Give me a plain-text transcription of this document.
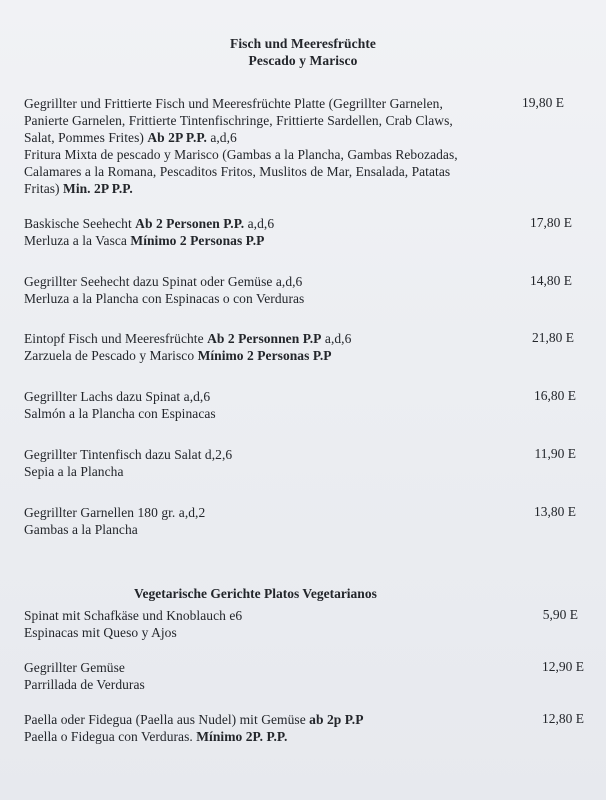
Fisch und Meeresfrüchte
Pescado y Marisco
Gegrillter und Frittierte Fisch und Meeresfrüchte Platte (Gegrillter Garnelen,
Panierte Garnelen, Frittierte Tintenfischringe, Frittierte Sardellen, Crab Claws,
Salat, Pommes Frites) Ab 2P P.P. a,d,6
Fritura Mixta de pescado y Marisco (Gambas a la Plancha, Gambas Rebozadas,
Calamares a la Romana, Pescaditos Fritos, Muslitos de Mar, Ensalada, Patatas
Fritas) Min. 2P P.P.
19,80 E
Baskische Seehecht Ab 2 Personen P.P. a,d,6
Merluza a la Vasca Mínimo 2 Personas P.P
17,80 E
Gegrillter Seehecht dazu Spinat oder Gemüse a,d,6
Merluza a la Plancha con Espinacas o con Verduras
14,80 E
Eintopf Fisch und Meeresfrüchte Ab 2 Personnen P.P a,d,6
Zarzuela de Pescado y Marisco Mínimo 2 Personas P.P
21,80 E
Gegrillter Lachs dazu Spinat a,d,6
Salmón a la Plancha con Espinacas
16,80 E
Gegrillter Tintenfisch dazu Salat d,2,6
Sepia a la Plancha
11,90 E
Gegrillter Garnellen 180 gr. a,d,2
Gambas a la Plancha
13,80 E
Vegetarische Gerichte Platos Vegetarianos
Spinat mit Schafkäse und Knoblauch e6
Espinacas mit Queso y Ajos
5,90 E
Gegrillter Gemüse
Parrillada de Verduras
12,90 E
Paella oder Fidegua (Paella aus Nudel) mit Gemüse ab 2p P.P
Paella o Fidegua con Verduras. Mínimo 2P. P.P.
12,80 E
